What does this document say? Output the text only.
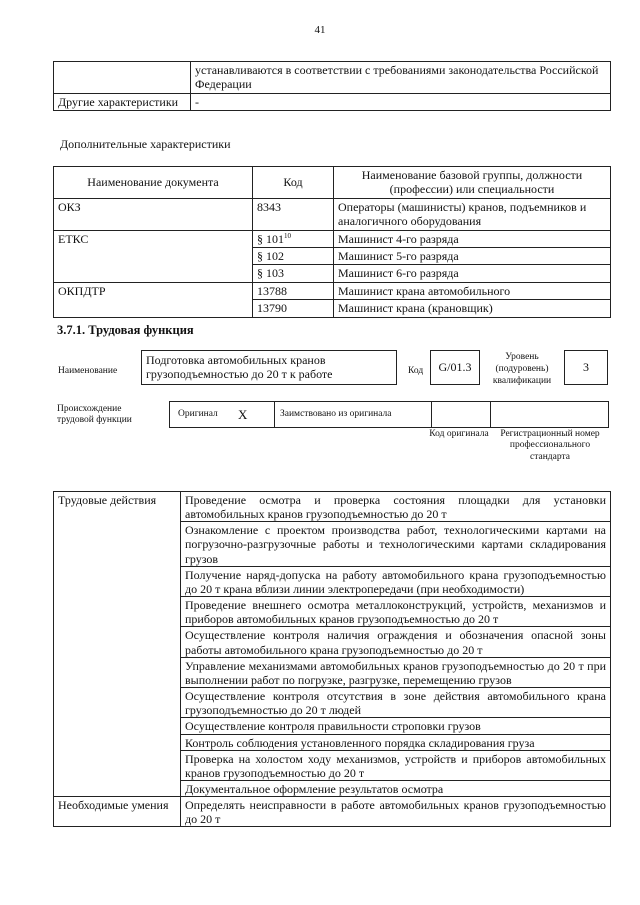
41
	устанавливаются в соответствии с требованиями законодательства Российской Федерации
Другие характеристики	-
Дополнительные характеристики
Наименование документа	Код	Наименование базовой группы, должности (профессии) или специальности
ОКЗ	8343	Операторы (машинисты) кранов, подъемников и аналогичного оборудования
ЕТКС	§ $101^{10}$	Машинист 4-го разряда
	§ 102	Машинист 5-го разряда
	§ 103	Машинист 6-го разряда
ОКПДТР	13788	Машинист крана автомобильного
	13790	Машинист крана (крановщик)
3.7.1. Трудовая функция
Наименование
Подготовка автомобильных кранов грузоподъемностью до 20 т к работе	Код	G/01.3
Уровень (подуровень) квалификации
3
Происхождение трудовой функции
Оригинал X	Заимствовано из оригинала
Код оригинала	Регистрационный номер профессионального стандарта
Трудовые действия	Проведение осмотра и проверка состояния площадки для установки автомобильных кранов грузоподъемностью до 20 т
	Ознакомление с проектом производства работ, технологическими картами на погрузочно-разгрузочные работы и технологическими картами складирования грузов
	Получение наряд-допуска на работу автомобильного крана грузоподъемностью до 20 т крана вблизи линии электропередачи (при необходимости)
	Проведение внешнего осмотра металлоконструкций, устройств, механизмов и приборов автомобильных кранов грузоподъемностью до 20 т
	Осуществление контроля наличия ограждения и обозначения опасной зоны работы автомобильного крана грузоподъемностью до 20 т
	Управление механизмами автомобильных кранов грузоподъемностью до 20 т при выполнении работ по погрузке, разгрузке, перемещению грузов
	Осуществление контроля отсутствия в зоне действия автомобильного крана грузоподъемностью до 20 т людей
	Осуществление контроля правильности строповки грузов
	Контроль соблюдения установленного порядка складирования груза
	Проверка на холостом ходу механизмов, устройств и приборов автомобильных кранов грузоподъемностью до 20 т
	Документальное оформление результатов осмотра
Необходимые умения	Определять неисправности в работе автомобильных кранов грузоподъемностью до 20 т
